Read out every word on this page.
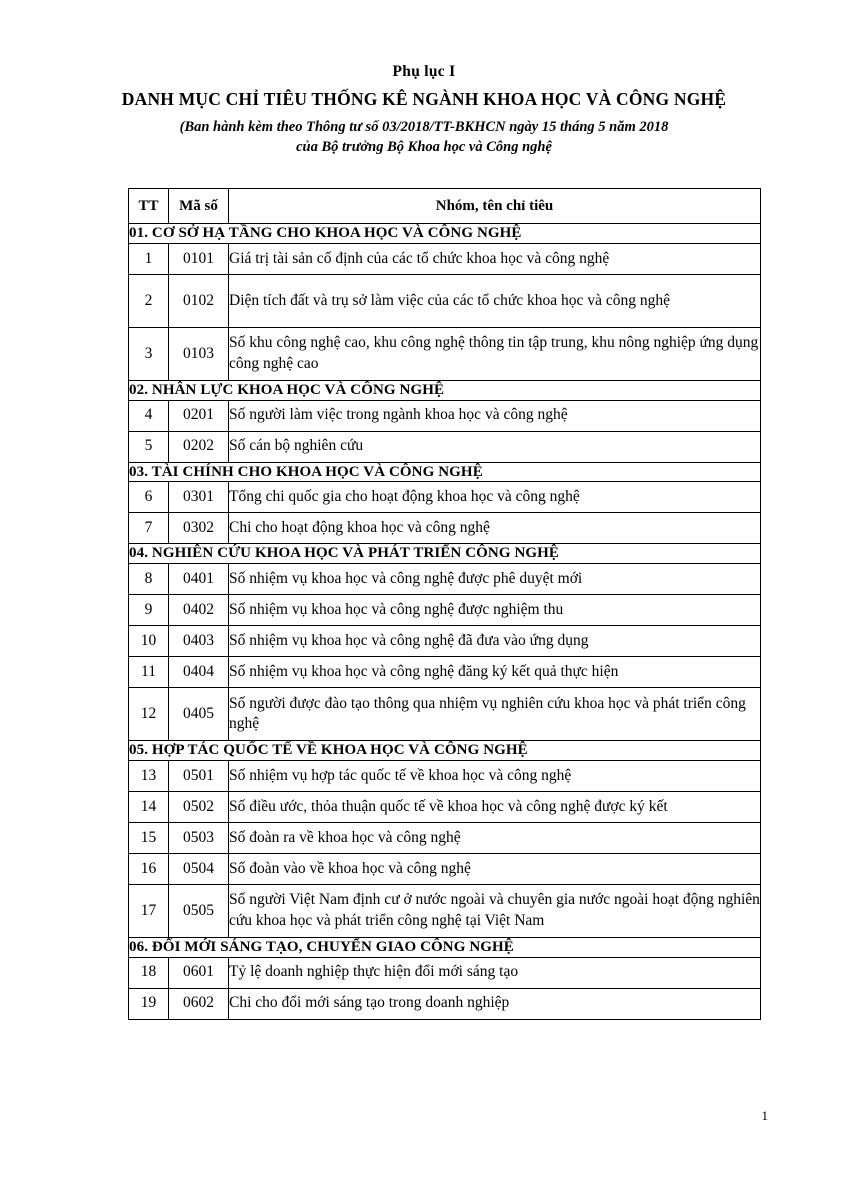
Phụ lục I
DANH MỤC CHỈ TIÊU THỐNG KÊ NGÀNH KHOA HỌC VÀ CÔNG NGHỆ
(Ban hành kèm theo Thông tư số 03/2018/TT-BKHCN ngày 15 tháng 5 năm 2018
của Bộ trưởng Bộ Khoa học và Công nghệ
TT	Mã số	Nhóm, tên chỉ tiêu
01. CƠ SỞ HẠ TẦNG CHO KHOA HỌC VÀ CÔNG NGHỆ		
1	0101	Giá trị tài sản cố định của các tổ chức khoa học và công nghệ
2	0102	Diện tích đất và trụ sở làm việc của các tổ chức khoa học và công nghệ
3	0103	Số khu công nghệ cao, khu công nghệ thông tin tập trung, khu nông nghiệp ứng dụng công nghệ cao
02. NHÂN LỰC KHOA HỌC VÀ CÔNG NGHỆ		
4	0201	Số người làm việc trong ngành khoa học và công nghệ
5	0202	Số cán bộ nghiên cứu
03. TÀI CHÍNH CHO KHOA HỌC VÀ CÔNG NGHỆ		
6	0301	Tổng chi quốc gia cho hoạt động khoa học và công nghệ
7	0302	Chi cho hoạt động khoa học và công nghệ
04. NGHIÊN CỨU KHOA HỌC VÀ PHÁT TRIỂN CÔNG NGHỆ		
8	0401	Số nhiệm vụ khoa học và công nghệ được phê duyệt mới
9	0402	Số nhiệm vụ khoa học và công nghệ được nghiệm thu
10	0403	Số nhiệm vụ khoa học và công nghệ đã đưa vào ứng dụng
11	0404	Số nhiệm vụ khoa học và công nghệ đăng ký kết quả thực hiện
12	0405	Số người được đào tạo thông qua nhiệm vụ nghiên cứu khoa học và phát triển công nghệ
05. HỢP TÁC QUỐC TẾ VỀ KHOA HỌC VÀ CÔNG NGHỆ		
13	0501	Số nhiệm vụ hợp tác quốc tế về khoa học và công nghệ
14	0502	Số điều ước, thỏa thuận quốc tế về khoa học và công nghệ được ký kết
15	0503	Số đoàn ra về khoa học và công nghệ
16	0504	Số đoàn vào về khoa học và công nghệ
17	0505	Số người Việt Nam định cư ở nước ngoài và chuyên gia nước ngoài hoạt động nghiên cứu khoa học và phát triển công nghệ tại Việt Nam
06. ĐỔI MỚI SÁNG TẠO, CHUYỂN GIAO CÔNG NGHỆ		
18	0601	Tỷ lệ doanh nghiệp thực hiện đổi mới sáng tạo
19	0602	Chi cho đổi mới sáng tạo trong doanh nghiệp
1
